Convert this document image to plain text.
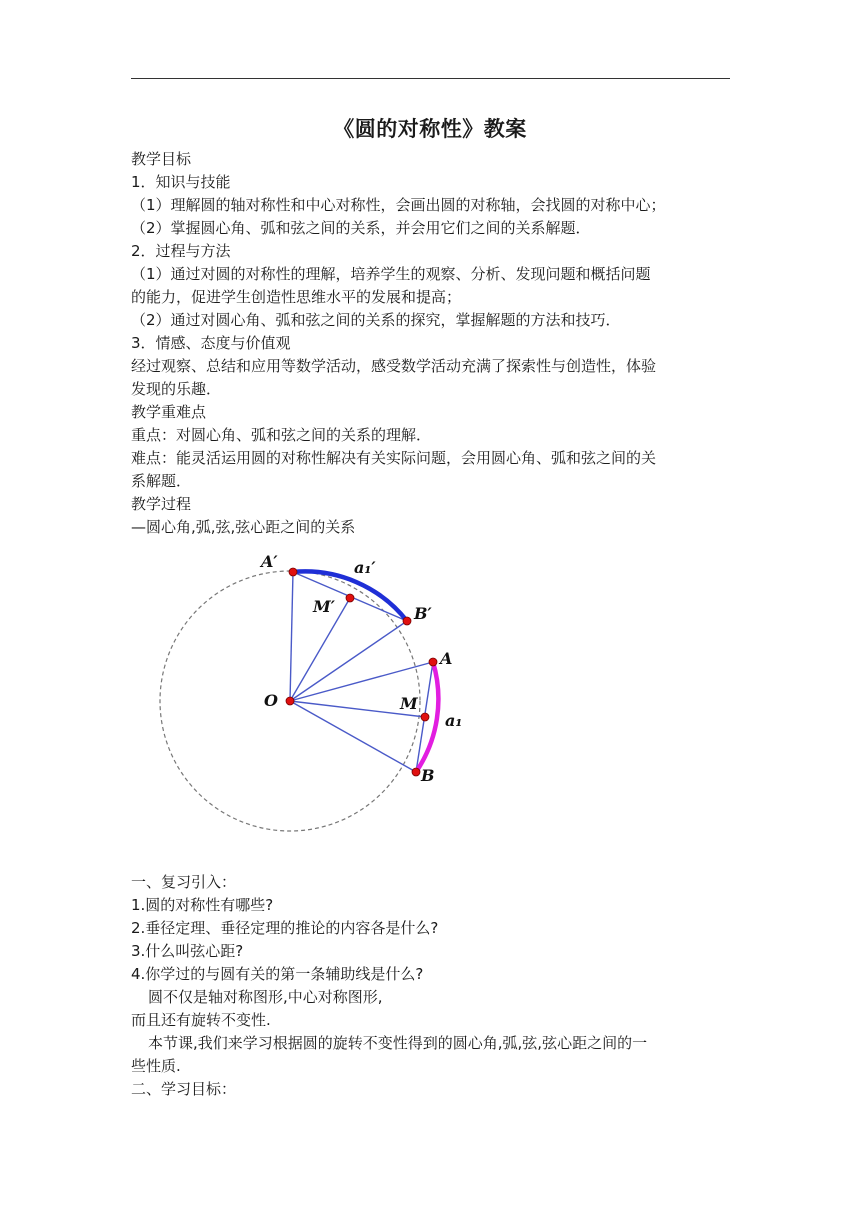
《圆的对称性》教案
教学目标
1．知识与技能
（1）理解圆的轴对称性和中心对称性，会画出圆的对称轴，会找圆的对称中心；
（2）掌握圆心角、弧和弦之间的关系，并会用它们之间的关系解题．
2．过程与方法
（1）通过对圆的对称性的理解，培养学生的观察、分析、发现问题和概括问题
的能力，促进学生创造性思维水平的发展和提高；
（2）通过对圆心角、弧和弦之间的关系的探究，掌握解题的方法和技巧．
3．情感、态度与价值观
经过观察、总结和应用等数学活动，感受数学活动充满了探索性与创造性，体验
发现的乐趣．
教学重难点
重点：对圆心角、弧和弦之间的关系的理解．
难点：能灵活运用圆的对称性解决有关实际问题，会用圆心角、弧和弦之间的关
系解题．
教学过程
—圆心角,弧,弦,弦心距之间的关系
A′	a₁′
M′	B′
A
O	M
a₁
B
一、复习引入：
1.圆的对称性有哪些?
2.垂径定理、垂径定理的推论的内容各是什么?
3.什么叫弦心距?
4.你学过的与圆有关的第一条辅助线是什么?
圆不仅是轴对称图形,中心对称图形,
而且还有旋转不变性.
本节课,我们来学习根据圆的旋转不变性得到的圆心角,弧,弦,弦心距之间的一
些性质.
二、学习目标：
